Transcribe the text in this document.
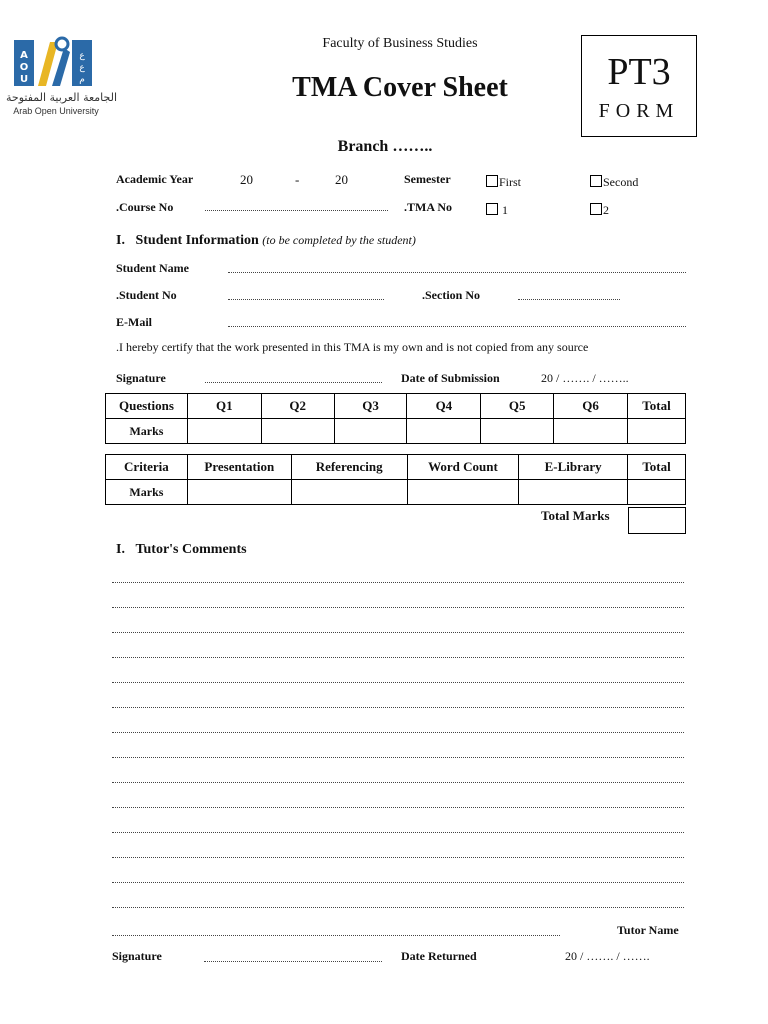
A
O
U
ع
ع
م
الجامعة العربية المفتوحة
Arab Open University
Faculty of Business Studies
TMA Cover Sheet	PT3
FORM
Branch ……..
Academic Year	20	-	20	Semester	First	Second
.Course No	.TMA No	1	2
I. Student Information (to be completed by the student)
Student Name
.Student No	.Section No
E-Mail
.I hereby certify that the work presented in this TMA is my own and is not copied from any source
Signature	Date of Submission	20 / ……. / ……..
Questions	Q1	Q2	Q3	Q4	Q5	Q6	Total
Marks							
Criteria	Presentation	Referencing	Word Count	E-Library	Total
Marks					
Total Marks
I. Tutor's Comments
Tutor Name
Signature	Date Returned	20 / ……. / …….
